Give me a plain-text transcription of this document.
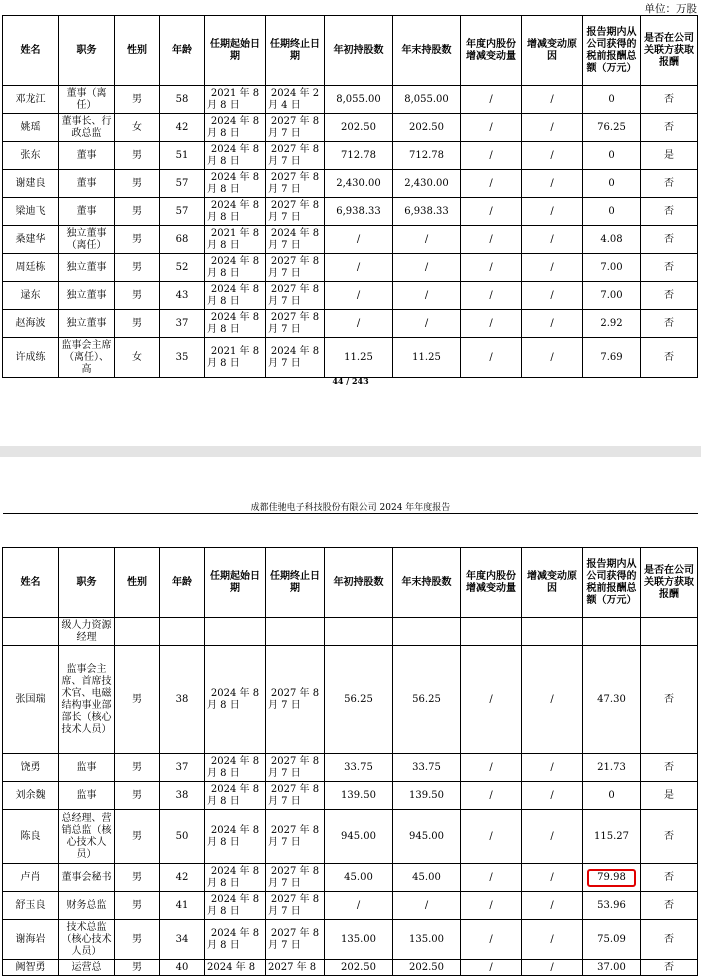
单位：万股
姓名	职务	性别	年龄	任期起始日期	任期终止日期	年初持股数	年末持股数	年度内股份增减变动量	增减变动原因	报告期内从公司获得的税前报酬总额（万元）	是否在公司关联方获取报酬
邓龙江	董事（离任）	男	58	2021 年 8 月 8 日	2024 年 2 月 4 日	8,055.00	8,055.00	/	/	0	否
姚瑶	董事长、行政总监	女	42	2024 年 8 月 8 日	2027 年 8 月 7 日	202.50	202.50	/	/	76.25	否
张东	董事	男	51	2024 年 8 月 8 日	2027 年 8 月 7 日	712.78	712.78	/	/	0	是
谢建良	董事	男	57	2024 年 8 月 8 日	2027 年 8 月 7 日	2,430.00	2,430.00	/	/	0	否
梁迪飞	董事	男	57	2024 年 8 月 8 日	2027 年 8 月 7 日	6,938.33	6,938.33	/	/	0	否
桑建华	独立董事（离任）	男	68	2021 年 8 月 8 日	2024 年 8 月 7 日	/	/	/	/	4.08	否
周廷栋	独立董事	男	52	2024 年 8 月 8 日	2027 年 8 月 7 日	/	/	/	/	7.00	否
逯东	独立董事	男	43	2024 年 8 月 8 日	2027 年 8 月 7 日	/	/	/	/	7.00	否
赵海波	独立董事	男	37	2024 年 8 月 8 日	2027 年 8 月 7 日	/	/	/	/	2.92	否
许成练	监事会主席（离任）、高	女	35	2021 年 8 月 8 日	2024 年 8 月 7 日	11.25	11.25	/	/	7.69	否
44 / 243
成都佳驰电子科技股份有限公司 2024 年年度报告
姓名	职务	性别	年龄	任期起始日期	任期终止日期	年初持股数	年末持股数	年度内股份增减变动量	增减变动原因	报告期内从公司获得的税前报酬总额（万元）	是否在公司关联方获取报酬
	级人力资源经理										
张国瑞	监事会主席、首席技术官、电磁结构事业部部长（核心技术人员）	男	38	2024 年 8 月 8 日	2027 年 8 月 7 日	56.25	56.25	/	/	47.30	否
饶勇	监事	男	37	2024 年 8 月 8 日	2027 年 8 月 7 日	33.75	33.75	/	/	21.73	否
刘余魏	监事	男	38	2024 年 8 月 8 日	2027 年 8 月 7 日	139.50	139.50	/	/	0	是
陈良	总经理、营销总监（核心技术人员）	男	50	2024 年 8 月 8 日	2027 年 8 月 7 日	945.00	945.00	/	/	115.27	否
卢肖	董事会秘书	男	42	2024 年 8 月 8 日	2027 年 8 月 7 日	45.00	45.00	/	/	79.98	否
舒玉良	财务总监	男	41	2024 年 8 月 8 日	2027 年 8 月 7 日	/	/	/	/	53.96	否
谢海岩	技术总监（核心技术人员）	男	34	2024 年 8 月 8 日	2027 年 8 月 7 日	135.00	135.00	/	/	75.09	否
阙智勇	运营总	男	40	2024 年 8	2027 年 8	202.50	202.50	/	/	37.00	否
